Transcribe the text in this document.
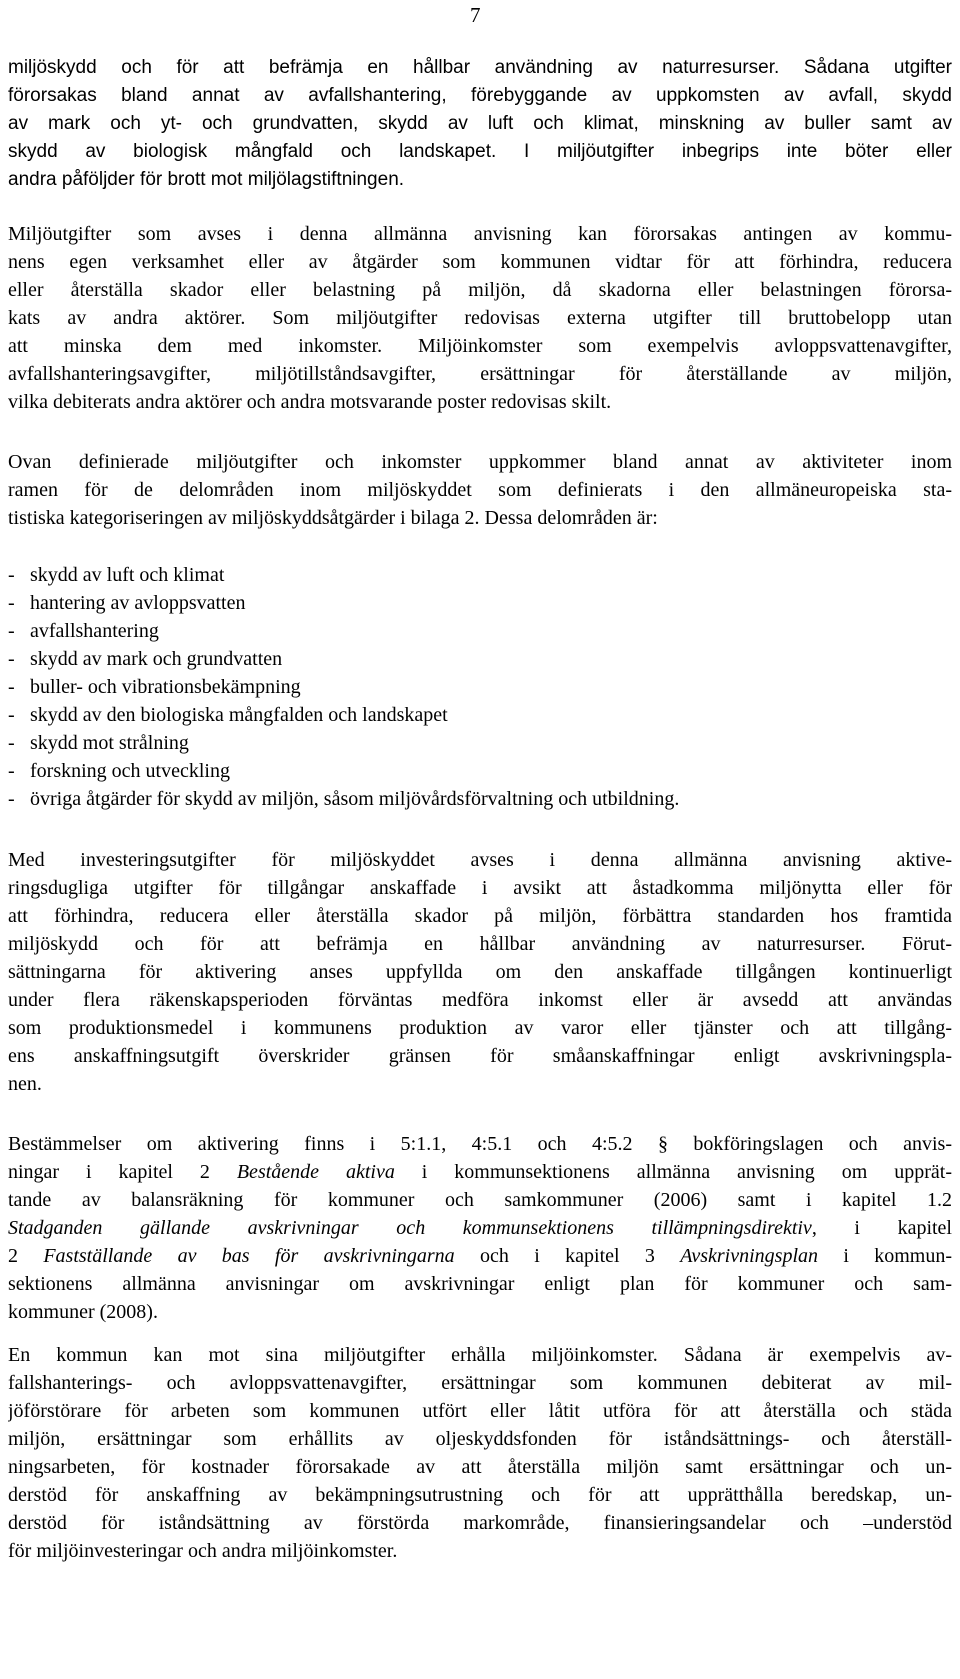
7
miljöskydd och för att befrämja en hållbar användning av naturresurser. Sådana utgifter
förorsakas bland annat av avfallshantering, förebyggande av uppkomsten av avfall, skydd
av mark och yt- och grundvatten, skydd av luft och klimat, minskning av buller samt av
skydd av biologisk mångfald och landskapet. I miljöutgifter inbegrips inte böter eller
andra påföljder för brott mot miljölagstiftningen.
Miljöutgifter som avses i denna allmänna anvisning kan förorsakas antingen av kommu-
nens egen verksamhet eller av åtgärder som kommunen vidtar för att förhindra, reducera
eller återställa skador eller belastning på miljön, då skadorna eller belastningen förorsa-
kats av andra aktörer. Som miljöutgifter redovisas externa utgifter till bruttobelopp utan
att minska dem med inkomster. Miljöinkomster som exempelvis avloppsvattenavgifter,
avfallshanteringsavgifter, miljötillståndsavgifter, ersättningar för återställande av miljön,
vilka debiterats andra aktörer och andra motsvarande poster redovisas skilt.
Ovan definierade miljöutgifter och inkomster uppkommer bland annat av aktiviteter inom
ramen för de delområden inom miljöskyddet som definierats i den allmäneuropeiska sta-
tistiska kategoriseringen av miljöskyddsåtgärder i bilaga 2. Dessa delområden är:
- skydd av luft och klimat
- hantering av avloppsvatten
- avfallshantering
- skydd av mark och grundvatten
- buller- och vibrationsbekämpning
- skydd av den biologiska mångfalden och landskapet
- skydd mot strålning
- forskning och utveckling
- övriga åtgärder för skydd av miljön, såsom miljövårdsförvaltning och utbildning.
Med investeringsutgifter för miljöskyddet avses i denna allmänna anvisning aktive-
ringsdugliga utgifter för tillgångar anskaffade i avsikt att åstadkomma miljönytta eller för
att förhindra, reducera eller återställa skador på miljön, förbättra standarden hos framtida
miljöskydd och för att befrämja en hållbar användning av naturresurser. Förut-
sättningarna för aktivering anses uppfyllda om den anskaffade tillgången kontinuerligt
under flera räkenskapsperioden förväntas medföra inkomst eller är avsedd att användas
som produktionsmedel i kommunens produktion av varor eller tjänster och att tillgång-
ens anskaffningsutgift överskrider gränsen för småanskaffningar enligt avskrivningspla-
nen.
Bestämmelser om aktivering finns i 5:1.1, 4:5.1 och 4:5.2 § bokföringslagen och anvis-
ningar i kapitel 2 Bestående aktiva i kommunsektionens allmänna anvisning om upprät-
tande av balansräkning för kommuner och samkommuner (2006) samt i kapitel 1.2
Stadganden gällande avskrivningar och kommunsektionens tillämpningsdirektiv, i kapitel
2 Fastställande av bas för avskrivningarna och i kapitel 3 Avskrivningsplan i kommun-
sektionens allmänna anvisningar om avskrivningar enligt plan för kommuner och sam-
kommuner (2008).
En kommun kan mot sina miljöutgifter erhålla miljöinkomster. Sådana är exempelvis av-
fallshanterings- och avloppsvattenavgifter, ersättningar som kommunen debiterat av mil-
jöförstörare för arbeten som kommunen utfört eller låtit utföra för att återställa och städa
miljön, ersättningar som erhållits av oljeskyddsfonden för iståndsättnings- och återställ-
ningsarbeten, för kostnader förorsakade av att återställa miljön samt ersättningar och un-
derstöd för anskaffning av bekämpningsutrustning och för att upprätthålla beredskap, un-
derstöd för iståndsättning av förstörda markområde, finansieringsandelar och –understöd
för miljöinvesteringar och andra miljöinkomster.
